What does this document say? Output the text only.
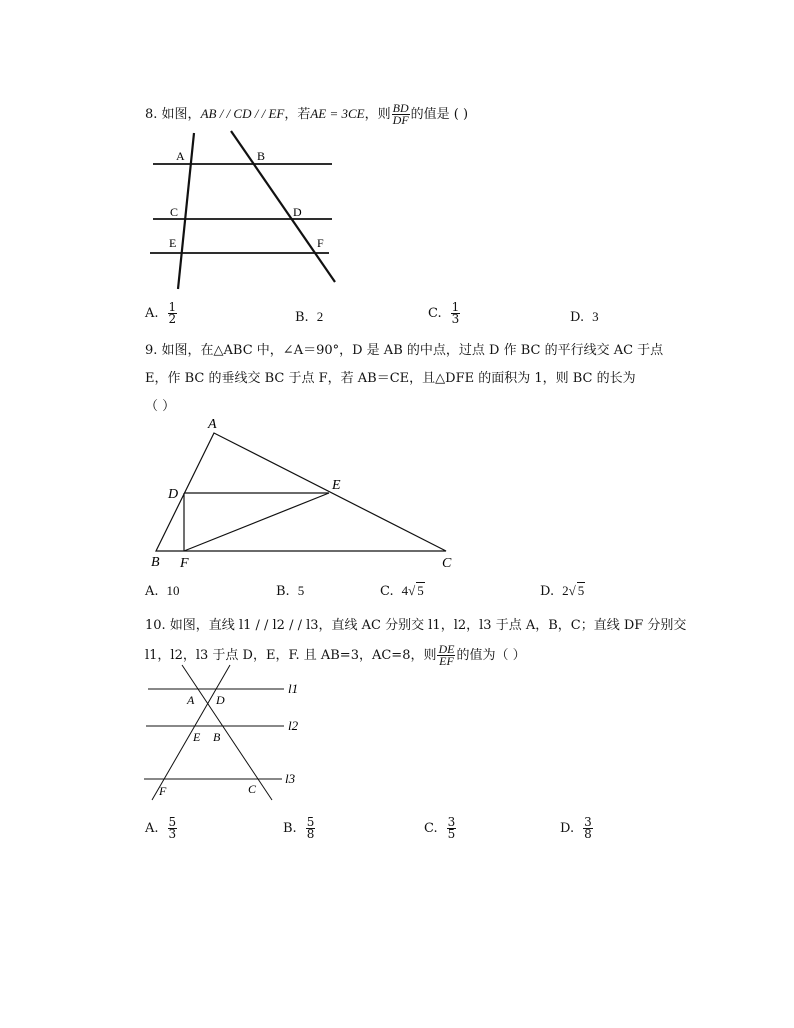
8. 如图，AB / / CD / / EF，若AE = 3CE，则 $\frac{BD}{DF}$ 的值是 ( )
A	B
C	D
E	F
A. $\frac{1}{2}$	B. 2	C. $\frac{1}{3}$	D. 3
9. 如图，在△ABC 中，∠A＝90°，D 是 AB 的中点，过点 D 作 BC 的平行线交 AC 于点
E，作 BC 的垂线交 BC 于点 F，若 AB＝CE，且△DFE 的面积为 1，则 BC 的长为
（ ）
A
B	C
D
E
F
A. 10	B. 5	C. 4√ 5	D. 2√ 5
10. 如图，直线 l1 / / l2 / / l3，直线 AC 分别交 l1，l2，l3 于点 A，B，C；直线 DF 分别交
l1，l2，l3 于点 D，E，F. 且 AB=3，AC=8，则 $\frac{DE}{EF}$ 的值为（ ）
l1
l2
l3
A D
E B
F	C
A. $\frac{5}{3}$	B. $\frac{5}{8}$	C. $\frac{3}{5}$	D. $\frac{3}{8}$
